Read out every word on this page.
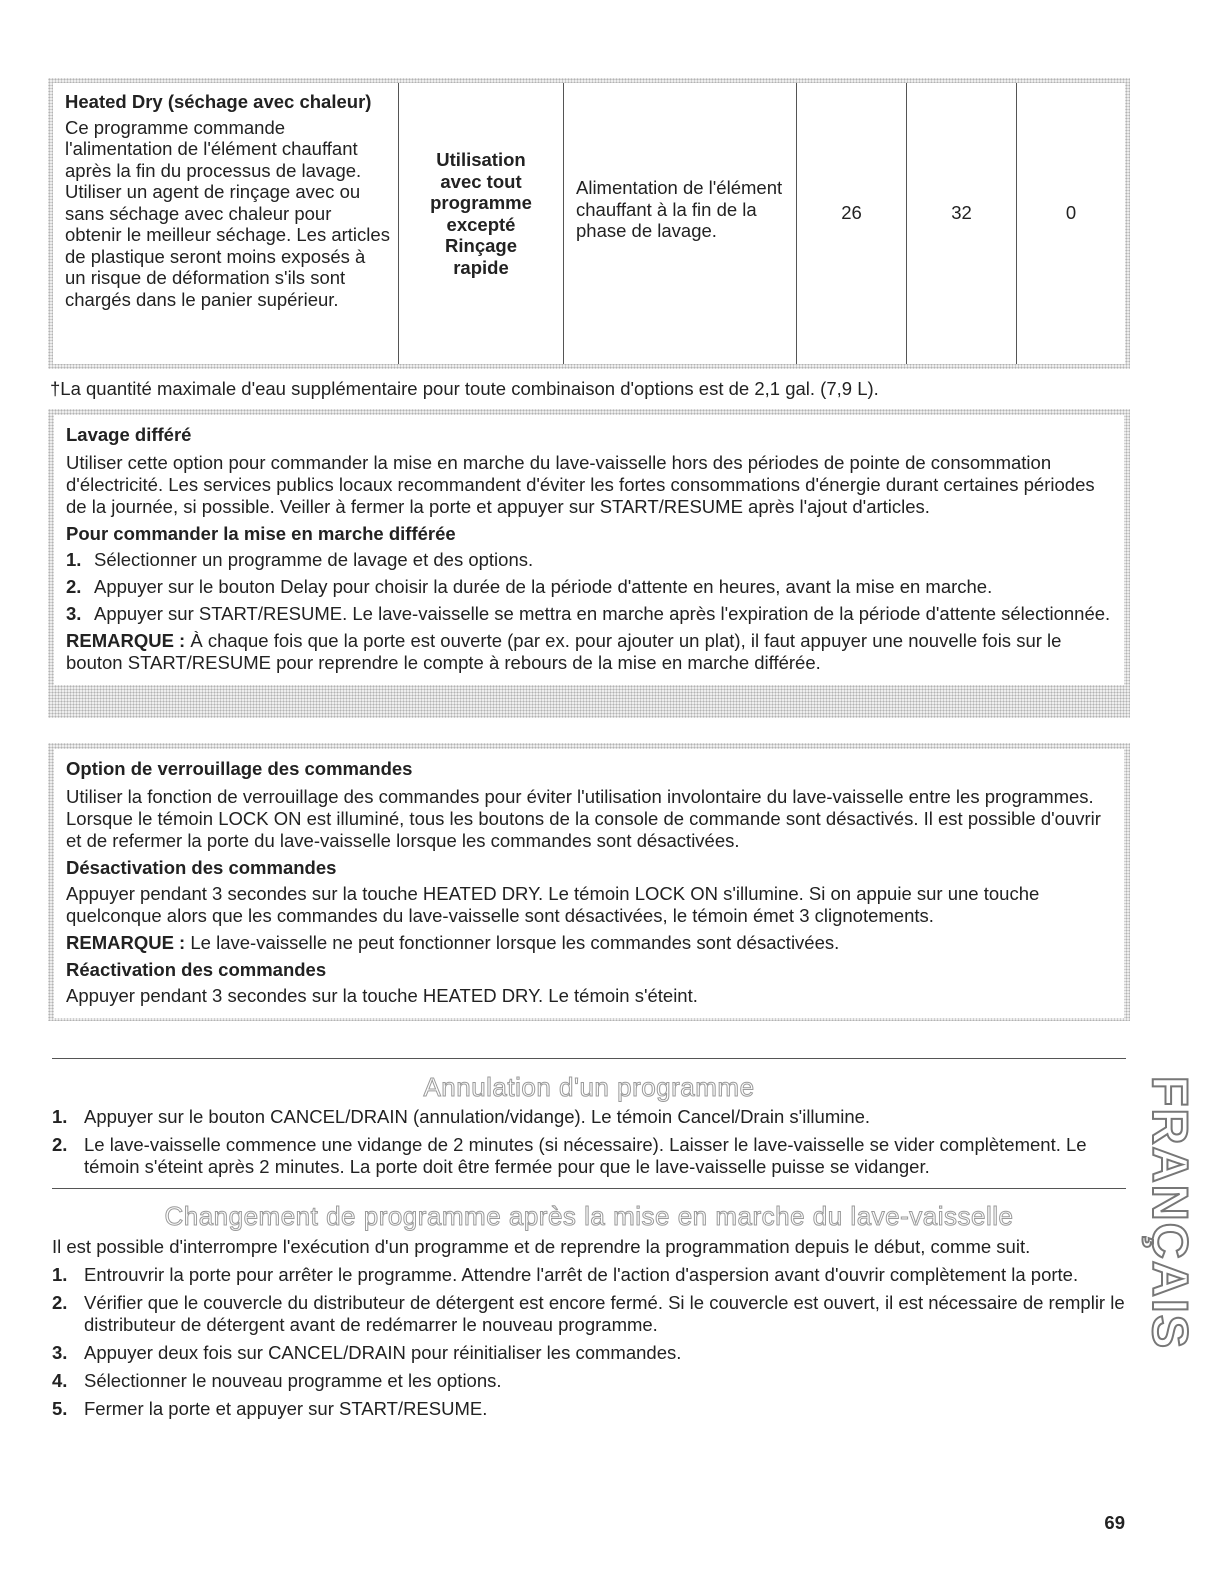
Heated Dry (séchage avec chaleur)
Ce programme commande l'alimentation de l'élément chauffant après la fin du processus de lavage. Utiliser un agent de rinçage avec ou sans séchage avec chaleur pour obtenir le meilleur séchage. Les articles de plastique seront moins exposés à un risque de déformation s'ils sont chargés dans le panier supérieur.
Utilisation avec tout programme excepté Rinçage rapide
Alimentation de l'élément chauffant à la fin de la phase de lavage.
26	32	0
†La quantité maximale d'eau supplémentaire pour toute combinaison d'options est de 2,1 gal. (7,9 L).
Lavage différé

Utiliser cette option pour commander la mise en marche du lave-vaisselle hors des périodes de pointe de consommation d'électricité. Les services publics locaux recommandent d'éviter les fortes consommations d'énergie durant certaines périodes de la journée, si possible. Veiller à fermer la porte et appuyer sur START/RESUME après l'ajout d'articles.

Pour commander la mise en marche différée
1. Sélectionner un programme de lavage et des options.
2. Appuyer sur le bouton Delay pour choisir la durée de la période d'attente en heures, avant la mise en marche.
3. Appuyer sur START/RESUME. Le lave-vaisselle se mettra en marche après l'expiration de la période d'attente sélectionnée.

REMARQUE : À chaque fois que la porte est ouverte (par ex. pour ajouter un plat), il faut appuyer une nouvelle fois sur le bouton START/RESUME pour reprendre le compte à rebours de la mise en marche différée.

Option de verrouillage des commandes

Utiliser la fonction de verrouillage des commandes pour éviter l'utilisation involontaire du lave-vaisselle entre les programmes. Lorsque le témoin LOCK ON est illuminé, tous les boutons de la console de commande sont désactivés. Il est possible d'ouvrir et de refermer la porte du lave-vaisselle lorsque les commandes sont désactivées.

Désactivation des commandes

Appuyer pendant 3 secondes sur la touche HEATED DRY. Le témoin LOCK ON s'illumine. Si on appuie sur une touche quelconque alors que les commandes du lave-vaisselle sont désactivées, le témoin émet 3 clignotements.

REMARQUE : Le lave-vaisselle ne peut fonctionner lorsque les commandes sont désactivées.

Réactivation des commandes

Appuyer pendant 3 secondes sur la touche HEATED DRY. Le témoin s'éteint.

Annulation d'un programme
1. Appuyer sur le bouton CANCEL/DRAIN (annulation/vidange). Le témoin Cancel/Drain s'illumine.
2. Le lave-vaisselle commence une vidange de 2 minutes (si nécessaire). Laisser le lave-vaisselle se vider complètement. Le témoin s'éteint après 2 minutes. La porte doit être fermée pour que le lave-vaisselle puisse se vidanger.
Changement de programme après la mise en marche du lave-vaisselle
Il est possible d'interrompre l'exécution d'un programme et de reprendre la programmation depuis le début, comme suit.
1. Entrouvrir la porte pour arrêter le programme. Attendre l'arrêt de l'action d'aspersion avant d'ouvrir complètement la porte.
2. Vérifier que le couvercle du distributeur de détergent est encore fermé. Si le couvercle est ouvert, il est nécessaire de remplir le distributeur de détergent avant de redémarrer le nouveau programme.
3. Appuyer deux fois sur CANCEL/DRAIN pour réinitialiser les commandes.
4. Sélectionner le nouveau programme et les options.
5. Fermer la porte et appuyer sur START/RESUME.
FRANÇAIS
69
